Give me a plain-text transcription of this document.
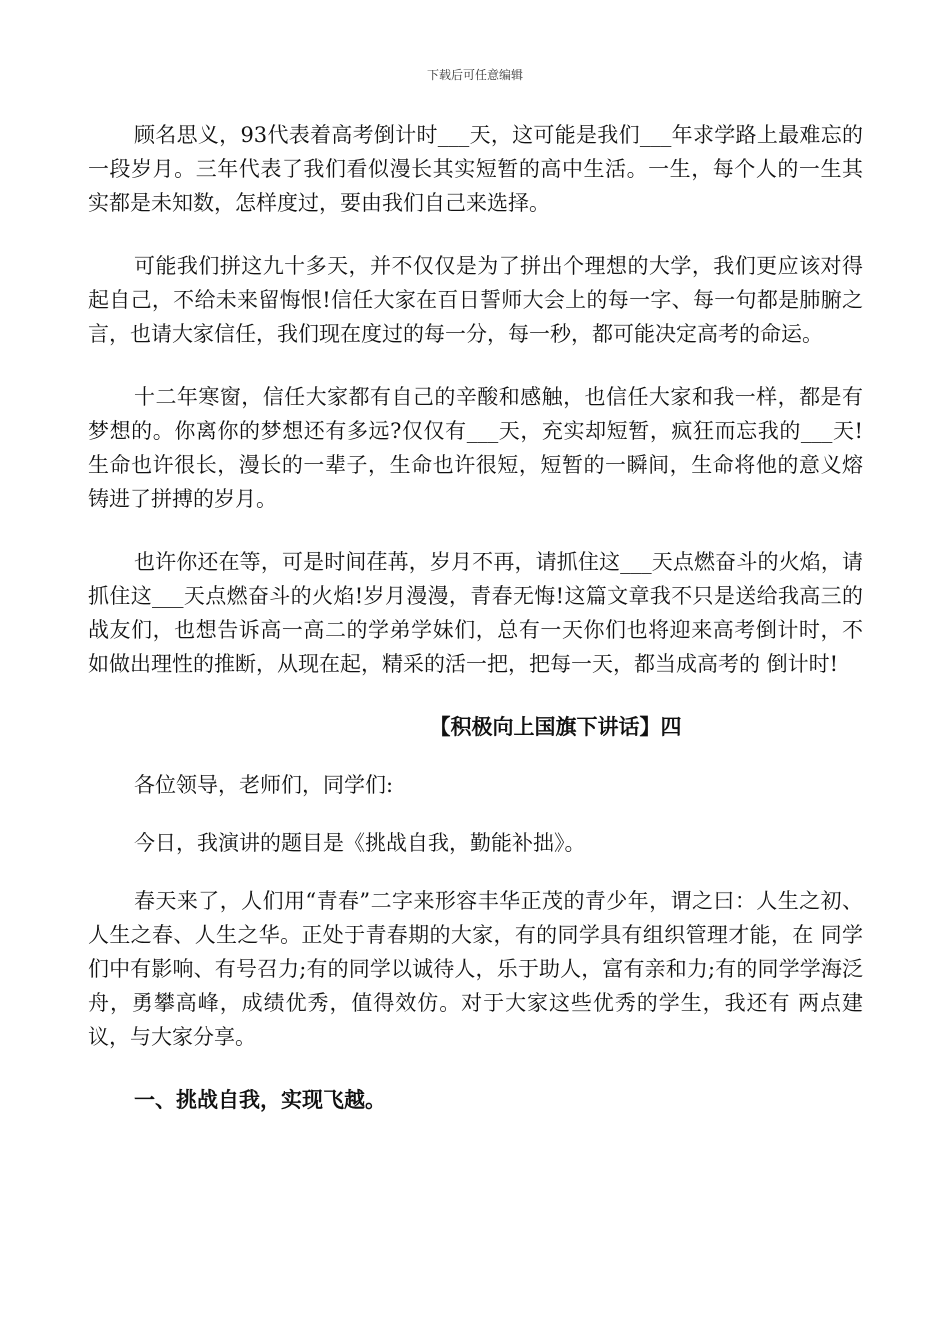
下载后可任意编辑

顾名思义，93代表着高考倒计时___天，这可能是我们___年求学路上最难忘的一段岁月。三年代表了我们看似漫长其实短暂的高中生活。一生，每个人的一生其实都是未知数，怎样度过，要由我们自己来选择。

可能我们拼这九十多天，并不仅仅是为了拼出个理想的大学，我们更应该对得起自己，不给未来留悔恨!信任大家在百日誓师大会上的每一字、每一句都是肺腑之言，也请大家信任，我们现在度过的每一分，每一秒，都可能决定高考的命运。

十二年寒窗，信任大家都有自己的辛酸和感触，也信任大家和我一样，都是有梦想的。你离你的梦想还有多远?仅仅有___天，充实却短暂，疯狂而忘我的___天!生命也许很长，漫长的一辈子，生命也许很短，短暂的一瞬间，生命将他的意义熔铸进了拼搏的岁月。

也许你还在等，可是时间荏苒，岁月不再，请抓住这___天点燃奋斗的火焰，请抓住这___天点燃奋斗的火焰!岁月漫漫，青春无悔!这篇文章我不只是送给我高三的战友们，也想告诉高一高二的学弟学妹们，总有一天你们也将迎来高考倒计时，不如做出理性的推断，从现在起，精采的活一把，把每一天，都当成高考的 倒计时!

【积极向上国旗下讲话】四

各位领导，老师们，同学们:

今日，我演讲的题目是《挑战自我，勤能补拙》。

春天来了，人们用“青春”二字来形容丰华正茂的青少年，谓之曰：人生之初、人生之春、人生之华。正处于青春期的大家，有的同学具有组织管理才能，在 同学们中有影响、有号召力;有的同学以诚待人，乐于助人，富有亲和力;有的同学学海泛舟，勇攀高峰，成绩优秀，值得效仿。对于大家这些优秀的学生，我还有 两点建议，与大家分享。

一、挑战自我，实现飞越。
